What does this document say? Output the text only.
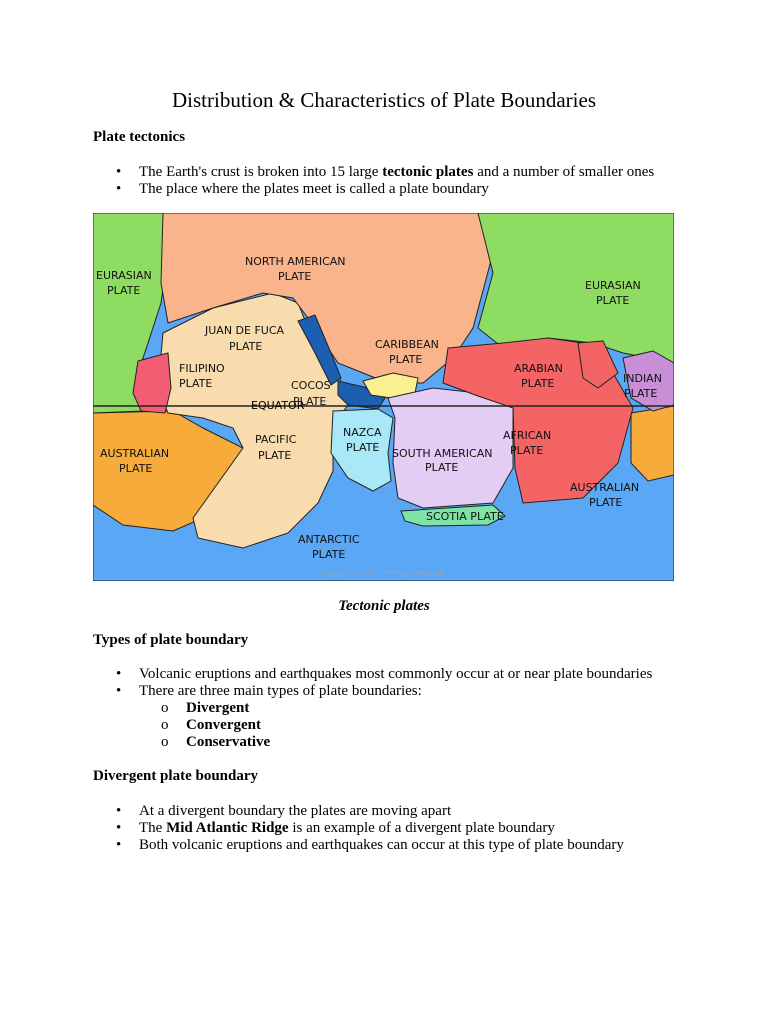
Distribution & Characteristics of Plate Boundaries

Plate tectonics

• The Earth's crust is broken into 15 large tectonic plates and a number of smaller ones
• The place where the plates meet is called a plate boundary
EQUATOR
EURASIAN
PLATE
NORTH AMERICAN
PLATE
EURASIAN
PLATE
JUAN DE FUCA
PLATE
FILIPINO
PLATE
CARIBBEAN
PLATE
ARABIAN
PLATE	INDIAN
PLATE
COCOS
PLATE
NAZCA
PLATE
PACIFIC
PLATE
AUSTRALIAN
PLATE
SOUTH AMERICAN
PLATE
AFRICAN
PLATE
AUSTRALIAN
PLATE
SCOTIA PLATE
ANTARCTIC
PLATE
Copyright © 2013 — All Rights Reserved

Tectonic plates

Types of plate boundary

• Volcanic eruptions and earthquakes most commonly occur at or near plate boundaries
• There are three main types of plate boundaries:
o Divergent
o Convergent
o Conservative

Divergent plate boundary

• At a divergent boundary the plates are moving apart
• The Mid Atlantic Ridge is an example of a divergent plate boundary
• Both volcanic eruptions and earthquakes can occur at this type of plate boundary
